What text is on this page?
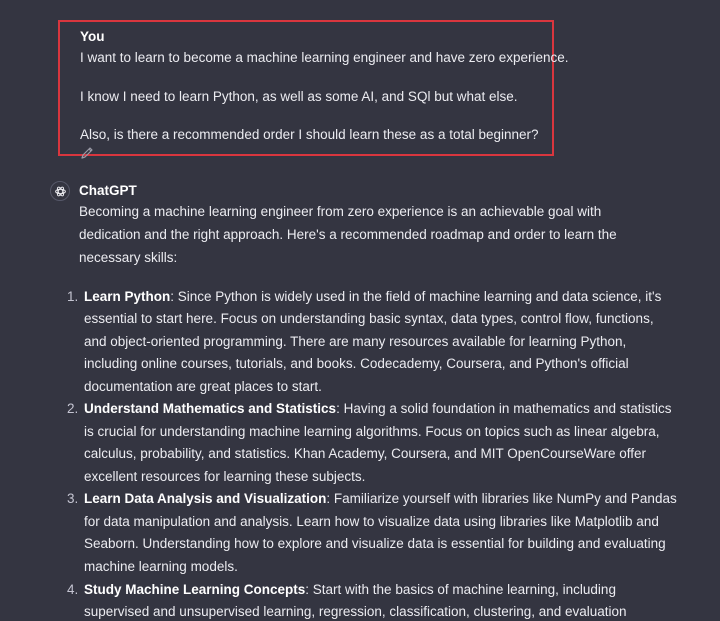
You
I want to learn to become a machine learning engineer and have zero experience.
I know I need to learn Python, as well as some AI, and SQl but what else.
Also, is there a recommended order I should learn these as a total beginner?
ChatGPT
Becoming a machine learning engineer from zero experience is an achievable goal with
dedication and the right approach. Here's a recommended roadmap and order to learn the
necessary skills:
1. Learn Python: Since Python is widely used in the field of machine learning and data science, it's
essential to start here. Focus on understanding basic syntax, data types, control flow, functions,
and object-oriented programming. There are many resources available for learning Python,
including online courses, tutorials, and books. Codecademy, Coursera, and Python's official
documentation are great places to start.
2. Understand Mathematics and Statistics: Having a solid foundation in mathematics and statistics
is crucial for understanding machine learning algorithms. Focus on topics such as linear algebra,
calculus, probability, and statistics. Khan Academy, Coursera, and MIT OpenCourseWare offer
excellent resources for learning these subjects.
3. Learn Data Analysis and Visualization: Familiarize yourself with libraries like NumPy and Pandas
for data manipulation and analysis. Learn how to visualize data using libraries like Matplotlib and
Seaborn. Understanding how to explore and visualize data is essential for building and evaluating
machine learning models.
4. Study Machine Learning Concepts: Start with the basics of machine learning, including
supervised and unsupervised learning, regression, classification, clustering, and evaluation
